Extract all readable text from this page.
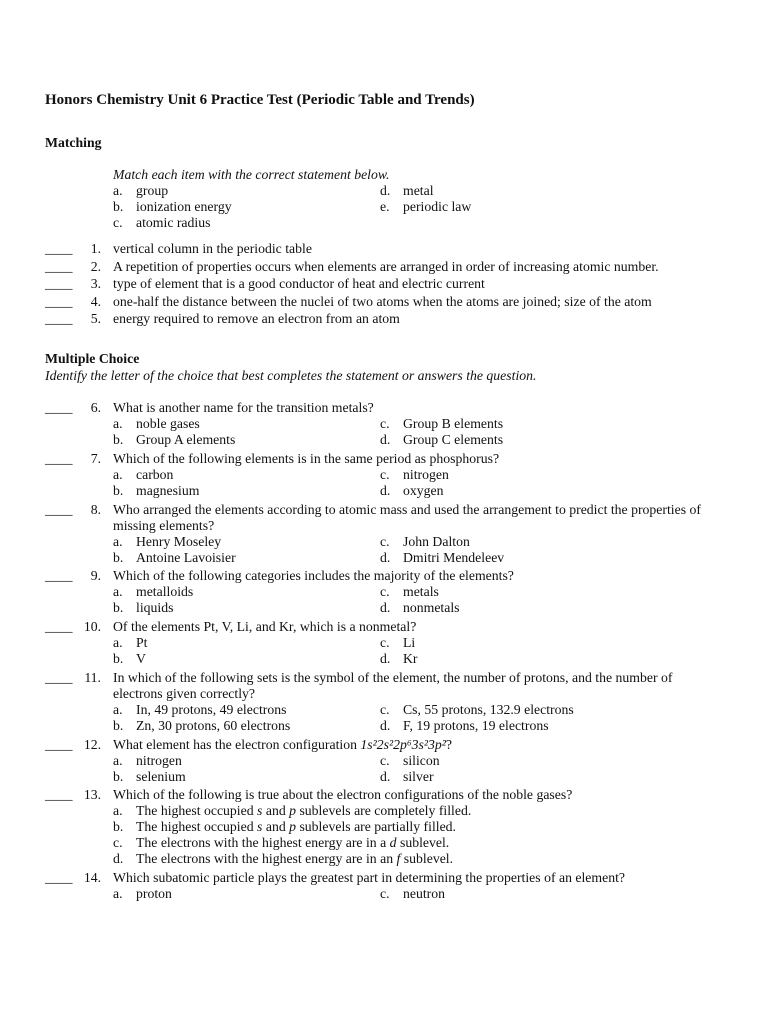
Honors Chemistry Unit 6 Practice Test (Periodic Table and Trends)
Matching
Match each item with the correct statement below.
a. group
b. ionization energy
c. atomic radius
d. metal
e. periodic law
____	1. vertical column in the periodic table
____	2. A repetition of properties occurs when elements are arranged in order of increasing atomic number.
____	3. type of element that is a good conductor of heat and electric current
____	4. one-half the distance between the nuclei of two atoms when the atoms are joined; size of the atom
____	5. energy required to remove an electron from an atom
Multiple Choice
Identify the letter of the choice that best completes the statement or answers the question.
____	6. What is another name for the transition metals?
a. noble gases
b. Group A elements
c. Group B elements
d. Group C elements
____	7. Which of the following elements is in the same period as phosphorus?
a. carbon
b. magnesium
c. nitrogen
d. oxygen
____	8. Who arranged the elements according to atomic mass and used the arrangement to predict the properties of missing elements?
a. Henry Moseley
b. Antoine Lavoisier
c. John Dalton
d. Dmitri Mendeleev
____	9. Which of the following categories includes the majority of the elements?
a. metalloids
b. liquids
c. metals
d. nonmetals
____ 10. Of the elements Pt, V, Li, and Kr, which is a nonmetal?
a. Pt
b. V
c. Li
d. Kr
____ 11. In which of the following sets is the symbol of the element, the number of protons, and the number of electrons given correctly?
a. In, 49 protons, 49 electrons
b. Zn, 30 protons, 60 electrons
c. Cs, 55 protons, 132.9 electrons
d. F, 19 protons, 19 electrons
____ 12. What element has the electron configuration 1s²2s²2p⁶3s²3p²?
a. nitrogen
b. selenium
c. silicon
d. silver
____ 13. Which of the following is true about the electron configurations of the noble gases?
a. The highest occupied s and p sublevels are completely filled.
b. The highest occupied s and p sublevels are partially filled.
c. The electrons with the highest energy are in a d sublevel.
d. The electrons with the highest energy are in an f sublevel.
____ 14. Which subatomic particle plays the greatest part in determining the properties of an element?
a. proton	c. neutron
